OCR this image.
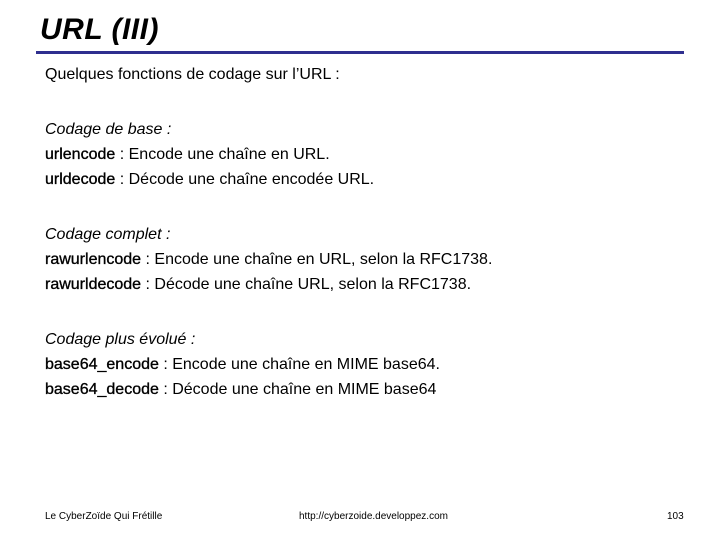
URL (III)

Quelques fonctions de codage sur l’URL :

Codage de base :

urlencode : Encode une chaîne en URL.

urldecode : Décode une chaîne encodée URL.

Codage complet :

rawurlencode : Encode une chaîne en URL, selon la RFC1738.

rawurldecode : Décode une chaîne URL, selon la RFC1738.

Codage plus évolué :

base64_encode : Encode une chaîne en MIME base64.

base64_decode : Décode une chaîne en MIME base64

Le CyberZoïde Qui Frétille	http://cyberzoide.developpez.com	103
